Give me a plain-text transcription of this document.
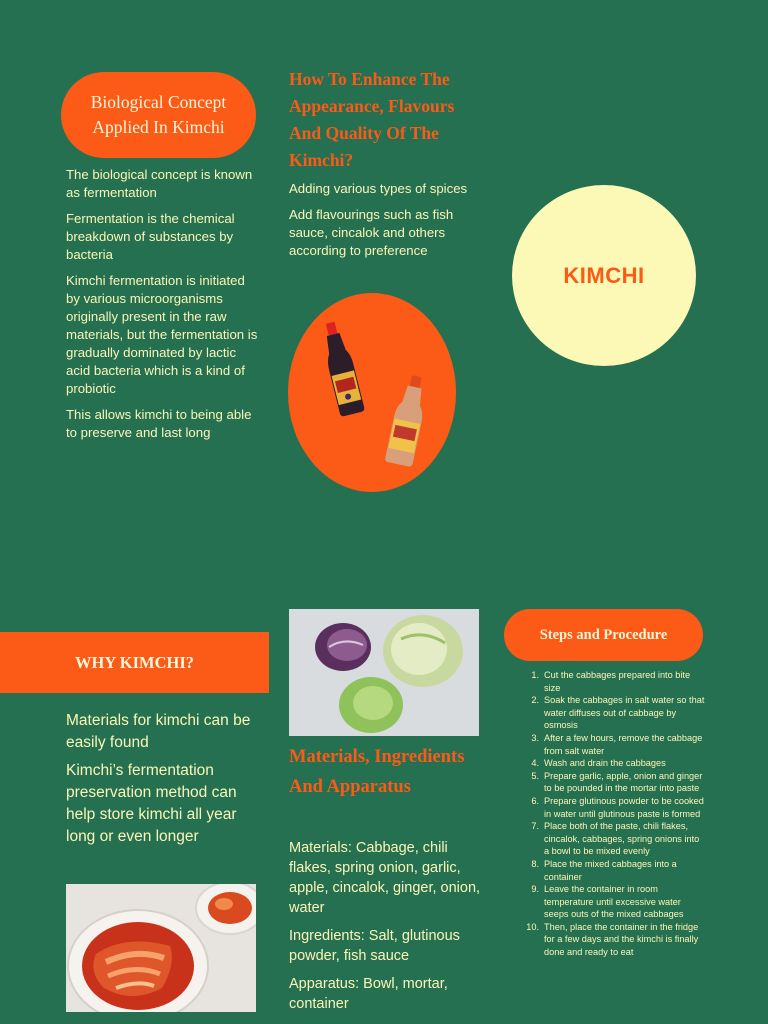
Biological Concept
Applied In Kimchi

The biological concept is known as fermentation

Fermentation is the chemical breakdown of substances by bacteria

Kimchi fermentation is initiated by various microorganisms originally present in the raw materials, but the fermentation is gradually dominated by lactic acid bacteria which is a kind of probiotic

This allows kimchi to being able to preserve and last long

How To Enhance The Appearance, Flavours And Quality Of The Kimchi?

Adding various types of spices

Add flavourings such as fish sauce, cincalok and others according to preference

KIMCHI
WHY KIMCHI?

Materials for kimchi can be easily found

Kimchi’s fermentation preservation method can help store kimchi all year long or even longer

Materials, Ingredients And Apparatus

Materials: Cabbage, chili flakes, spring onion, garlic, apple, cincalok, ginger, onion, water

Ingredients: Salt, glutinous powder, fish sauce

Apparatus: Bowl, mortar, container

Steps and Procedure
1. Cut the cabbages prepared into bite size
2. Soak the cabbages in salt water so that water diffuses out of cabbage by osmosis
3. After a few hours, remove the cabbage from salt water
4. Wash and drain the cabbages
5. Prepare garlic, apple, onion and ginger to be pounded in the mortar into paste
6. Prepare glutinous powder to be cooked in water until glutinous paste is formed
7. Place both of the paste, chili flakes, cincalok, cabbages, spring onions into a bowl to be mixed evenly
8. Place the mixed cabbages into a container
9. Leave the container in room temperature until excessive water seeps outs of the mixed cabbages
10. Then, place the container in the fridge for a few days and the kimchi is finally done and ready to eat
